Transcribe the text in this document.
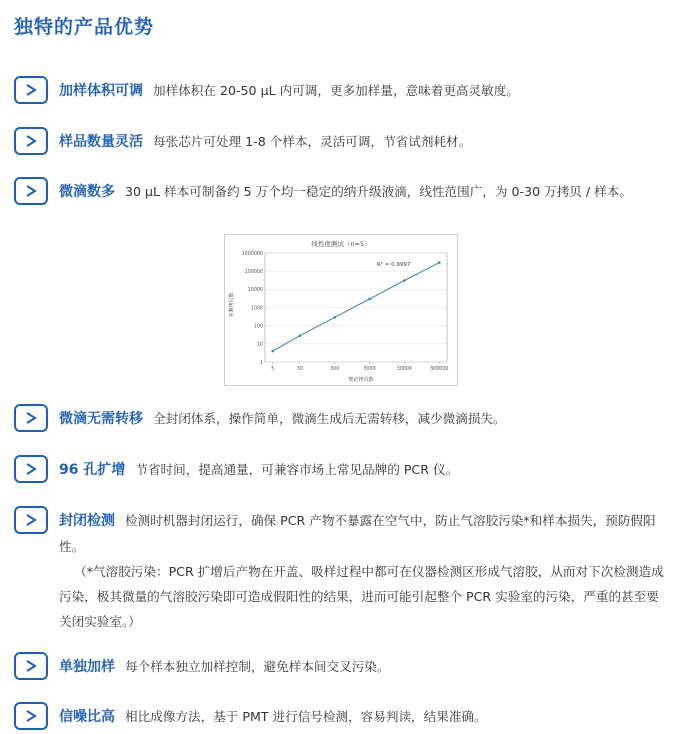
独特的产品优势
加样体积可调 加样体积在 20-50 μL 内可调，更多加样量，意味着更高灵敏度。
样品数量灵活 每张芯片可处理 1-8 个样本，灵活可调，节省试剂耗材。
微滴数多 30 μL 样本可制备约 5 万个均一稳定的纳升级液滴，线性范围广，为 0-30 万拷贝 / 样本。
线性度测试（n=5）
实测拷贝数
理论拷贝数
R² = 0.9997
1
10
100
1000
10000
100000
1000000
5	30	300	3000	30000	300000
微滴无需转移 全封闭体系，操作简单，微滴生成后无需转移，减少微滴损失。
96 孔扩增 节省时间，提高通量，可兼容市场上常见品牌的 PCR 仪。
封闭检测 检测时机器封闭运行，确保 PCR 产物不暴露在空气中，防止气溶胶污染*和样本损失，预防假阳性。
（*气溶胶污染：PCR 扩增后产物在开盖、吸样过程中都可在仪器检测区形成气溶胶，从而对下次检测造成污染，极其微量的气溶胶污染即可造成假阳性的结果，进而可能引起整个 PCR 实验室的污染，严重的甚至要关闭实验室。）
单独加样 每个样本独立加样控制，避免样本间交叉污染。
信噪比高 相比成像方法，基于 PMT 进行信号检测，容易判读，结果准确。
